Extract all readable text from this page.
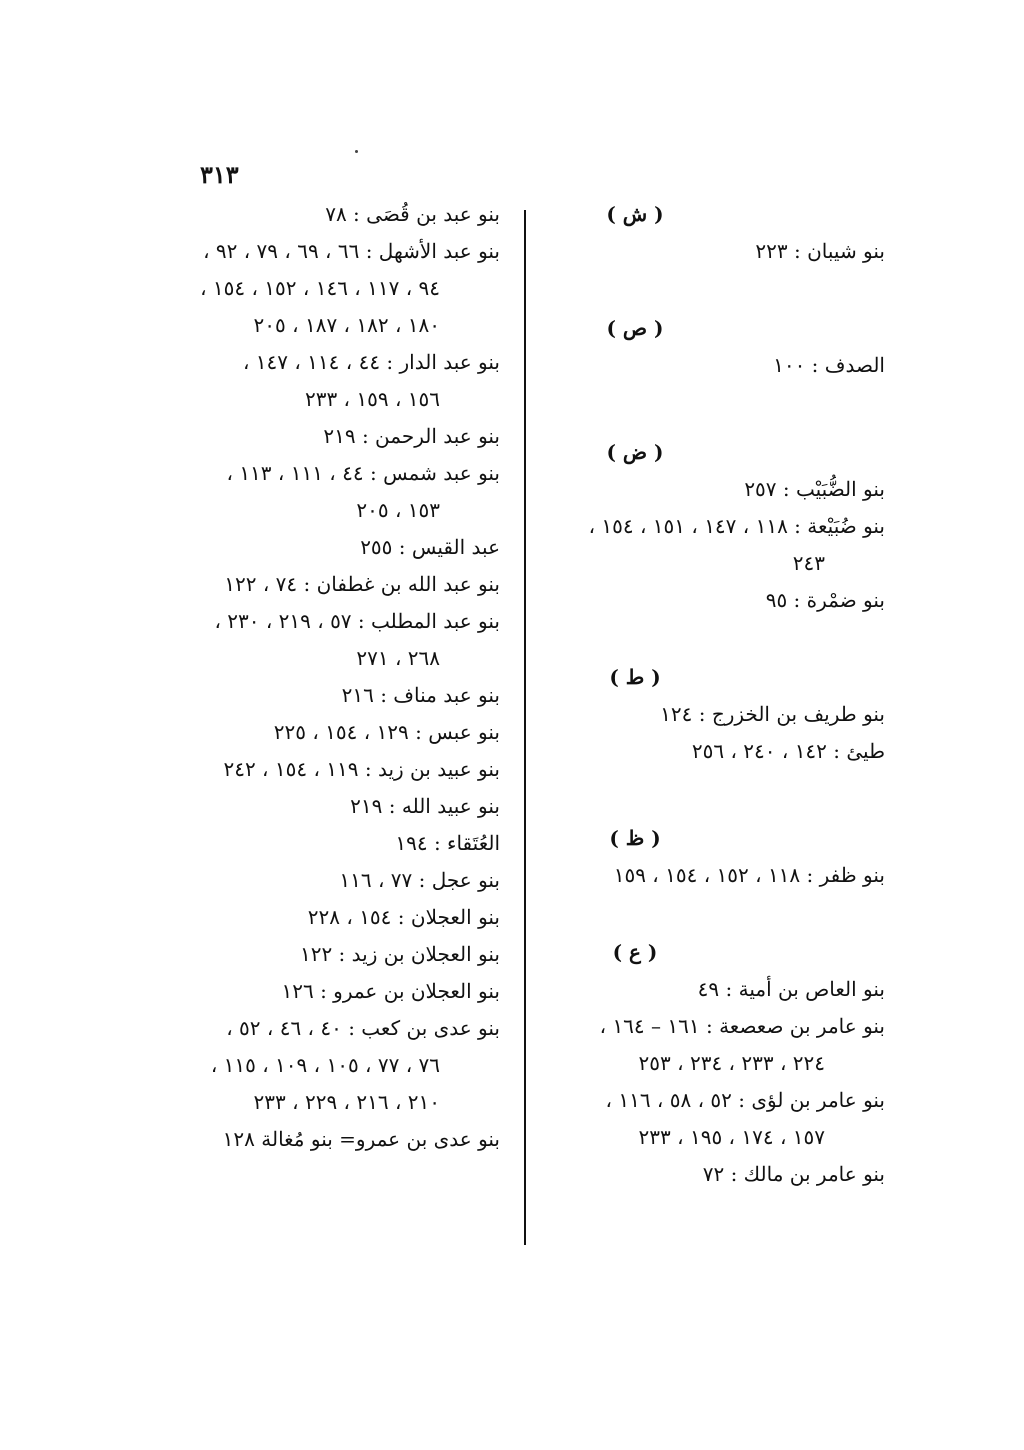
٣١٣
( ش )
بنو شيبان : ٢٢٣
( ص )
الصدف : ١٠٠
( ض )
بنو الضُّبَيْب : ٢٥٧
بنو ضُبَيْعة : ١١٨ ، ١٤٧ ، ١٥١ ، ١٥٤ ،
٢٤٣
بنو ضمْرة : ٩٥
( ط )
بنو طريف بن الخزرج : ١٢٤
طيئ : ١٤٢ ، ٢٤٠ ، ٢٥٦
( ظ )
بنو ظفر : ١١٨ ، ١٥٢ ، ١٥٤ ، ١٥٩
( ع )
بنو العاص بن أمية : ٤٩
بنو عامر بن صعصعة : ١٦١ – ١٦٤ ،
٢٢٤ ، ٢٣٣ ، ٢٣٤ ، ٢٥٣
بنو عامر بن لؤى : ٥٢ ، ٥٨ ، ١١٦ ،
١٥٧ ، ١٧٤ ، ١٩٥ ، ٢٣٣
بنو عامر بن مالك : ٧٢
بنو عبد بن قُصَى : ٧٨
بنو عبد الأشهل : ٦٦ ، ٦٩ ، ٧٩ ، ٩٢ ،
٩٤ ، ١١٧ ، ١٤٦ ، ١٥٢ ، ١٥٤ ،
١٨٠ ، ١٨٢ ، ١٨٧ ، ٢٠٥
بنو عبد الدار : ٤٤ ، ١١٤ ، ١٤٧ ،
١٥٦ ، ١٥٩ ، ٢٣٣
بنو عبد الرحمن : ٢١٩
بنو عبد شمس : ٤٤ ، ١١١ ، ١١٣ ،
١٥٣ ، ٢٠٥
عبد القيس : ٢٥٥
بنو عبد الله بن غطفان : ٧٤ ، ١٢٢
بنو عبد المطلب : ٥٧ ، ٢١٩ ، ٢٣٠ ،
٢٦٨ ، ٢٧١
بنو عبد مناف : ٢١٦
بنو عبس : ١٢٩ ، ١٥٤ ، ٢٢٥
بنو عبيد بن زيد : ١١٩ ، ١٥٤ ، ٢٤٢
بنو عبيد الله : ٢١٩
العُتَقاء : ١٩٤
بنو عجل : ٧٧ ، ١١٦
بنو العجلان : ١٥٤ ، ٢٢٨
بنو العجلان بن زيد : ١٢٢
بنو العجلان بن عمرو : ١٢٦
بنو عدى بن كعب : ٤٠ ، ٤٦ ، ٥٢ ،
٧٦ ، ٧٧ ، ١٠٥ ، ١٠٩ ، ١١٥ ،
٢١٠ ، ٢١٦ ، ٢٢٩ ، ٢٣٣
بنو عدى بن عمرو= بنو مُغالة ١٢٨
